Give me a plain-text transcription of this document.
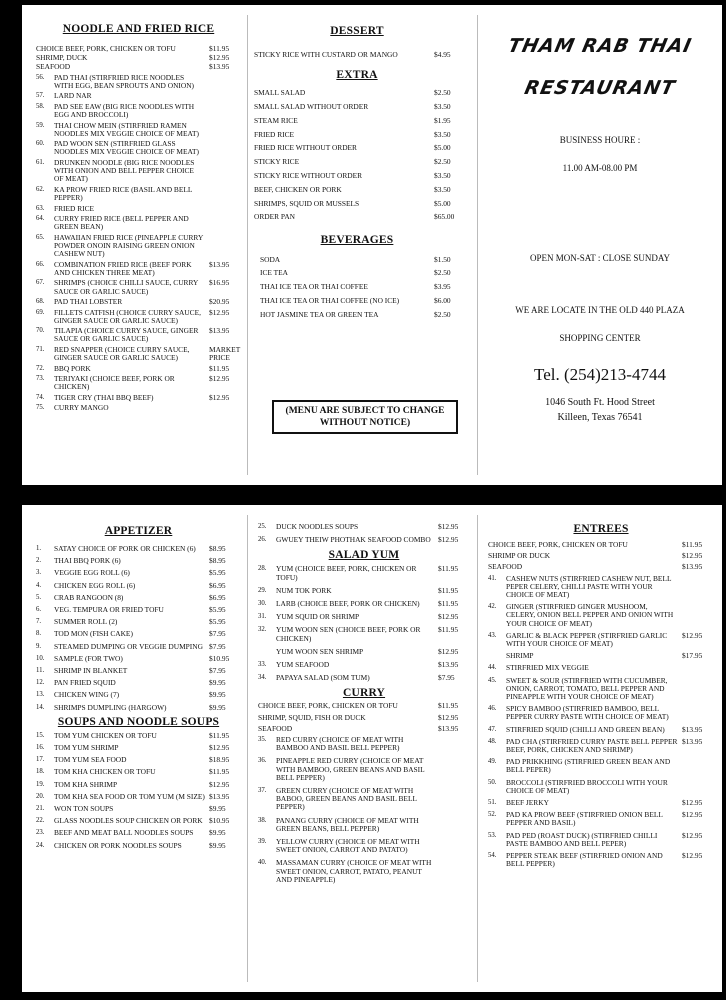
NOODLE AND FRIED RICE
CHOICE BEEF, PORK, CHICKEN OR TOFU	$11.95
SHRIMP, DUCK	$12.95
SEAFOOD	$13.95
56.	PAD THAI (STIRFRIED RICE NOODLES WITH EGG, BEAN SPROUTS AND ONION)
57.	LARD NAR
58.	PAD SEE EAW (BIG RICE NOODLES WITH EGG AND BROCCOLI)
59.	THAI CHOW MEIN (STIRFRIED RAMEN NOODLES MIX VEGGIE CHOICE OF MEAT)
60.	PAD WOON SEN (STIRFRIED GLASS NOODLES MIX VEGGIE CHOICE OF MEAT)
61.	DRUNKEN NOODLE (BIG RICE NOODLES WITH ONION AND BELL PEPPER CHOICE OF MEAT)
62.	KA PROW FRIED RICE (BASIL AND BELL PEPPER)
63.	FRIED RICE
64.	CURRY FRIED RICE (BELL PEPPER AND GREEN BEAN)
65.	HAWAIIAN FRIED RICE (PINEAPPLE CURRY POWDER ONOIN RAISING GREEN ONION CASHEW NUT)
66.	COMBINATION FRIED RICE (BEEF PORK AND CHICKEN THREE MEAT)
$13.95
67.	SHRIMPS (CHOICE CHILLI SAUCE, CURRY SAUCE OR GARLIC SAUCE)
$16.95
68.	PAD THAI LOBSTER	$20.95
69.	FILLETS CATFISH (CHOICE CURRY SAUCE, GINGER SAUCE OR GARLIC SAUCE)
$12.95
70.	TILAPIA (CHOICE CURRY SAUCE, GINGER SAUCE OR GARLIC SAUCE)
$13.95
71.	RED SNAPPER (CHOICE CURRY SAUCE, GINGER SAUCE OR GARLIC SAUCE)
MARKET PRICE
72.	BBQ PORK	$11.95
73.	TERIYAKI (CHOICE BEEF, PORK OR CHICKEN)
$12.95
74.	TIGER CRY (THAI BBQ BEEF)	$12.95
75.	CURRY MANGO
DESSERT
STICKY RICE WITH CUSTARD OR MANGO	$4.95
EXTRA
SMALL SALAD	$2.50
SMALL SALAD WITHOUT ORDER	$3.50
STEAM RICE	$1.95
FRIED RICE	$3.50
FRIED RICE WITHOUT ORDER	$5.00
STICKY RICE	$2.50
STICKY RICE WITHOUT ORDER	$3.50
BEEF, CHICKEN OR PORK	$3.50
SHRIMPS, SQUID OR MUSSELS	$5.00
ORDER PAN	$65.00
BEVERAGES
SODA	$1.50
ICE TEA	$2.50
THAI ICE TEA OR THAI COFFEE	$3.95
THAI ICE TEA OR THAI COFFEE (NO ICE)	$6.00
HOT JASMINE TEA OR GREEN TEA	$2.50
(MENU ARE SUBJECT TO CHANGE WITHOUT NOTICE)
THAM RAB THAI
RESTAURANT
BUSINESS HOURE :
11.00 AM-08.00 PM
OPEN MON-SAT : CLOSE SUNDAY
WE ARE LOCATE IN THE OLD 440 PLAZA
SHOPPING CENTER
Tel. (254)213-4744
1046 South Ft. Hood Street
Killeen, Texas 76541
APPETIZER
1.	SATAY CHOICE OF PORK OR CHICKEN (6)	$8.95
2.	THAI BBQ PORK (6)	$8.95
3.	VEGGIE EGG ROLL (6)	$5.95
4.	CHICKEN EGG ROLL (6)	$6.95
5.	CRAB RANGOON (8)	$6.95
6.	VEG. TEMPURA OR FRIED TOFU	$5.95
7.	SUMMER ROLL (2)	$5.95
8.	TOD MON (FISH CAKE)	$7.95
9.	STEAMED DUMPING OR VEGGIE DUMPING $7.95
10.	SAMPLE (FOR TWO)	$10.95
11.	SHRIMP IN BLANKET	$7.95
12.	PAN FRIED SQUID	$9.95
13.	CHICKEN WING (7)	$9.95
14.	SHRIMPS DUMPLING (HARGOW)	$9.95
SOUPS AND NOODLE SOUPS
15.	TOM YUM CHICKEN OR TOFU	$11.95
16.	TOM YUM SHRIMP	$12.95
17.	TOM YUM SEA FOOD	$18.95
18.	TOM KHA CHICKEN OR TOFU	$11.95
19.	TOM KHA SHRIMP	$12.95
20.	TOM KHA SEA FOOD OR TOM YUM (M SIZE) $13.95
21.	WON TON SOUPS	$9.95
22.	GLASS NOODLES SOUP CHICKEN OR PORK $10.95
23.	BEEF AND MEAT BALL NOODLES SOUPS	$9.95
24.	CHICKEN OR PORK NOODLES SOUPS	$9.95
25.	DUCK NOODLES SOUPS	$12.95
26.	GWUEY THEIW PHOTHAK SEAFOOD COMBO $12.95
SALAD YUM
28.	YUM (CHOICE BEEF, PORK, CHICKEN OR TOFU)
$11.95
29.	NUM TOK PORK	$11.95
30.	LARB (CHOICE BEEF, PORK OR CHICKEN)	$11.95
31.	YUM SQUID OR SHRIMP	$12.95
32.	YUM WOON SEN (CHOICE BEEF, PORK OR CHICKEN)
$11.95
YUM WOON SEN SHRIMP	$12.95
33.	YUM SEAFOOD	$13.95
34.	PAPAYA SALAD (SOM TUM)	$7.95
CURRY
CHOICE BEEF, PORK, CHICKEN OR TOFU	$11.95
SHRIMP, SQUID, FISH OR DUCK	$12.95
SEAFOOD	$13.95
35.	RED CURRY (CHOICE OF MEAT WITH BAMBOO AND BASIL BELL PEPPER)
36.	PINEAPPLE RED CURRY (CHOICE OF MEAT WITH BAMBOO, GREEN BEANS AND BASIL BELL PEPPER)
37.	GREEN CURRY (CHOICE OF MEAT WITH BABOO, GREEN BEANS AND BASIL BELL PEPPER)
38.	PANANG CURRY (CHOICE OF MEAT WITH GREEN BEANS, BELL PEPPER)
39.	YELLOW CURRY (CHOICE OF MEAT WITH SWEET ONION, CARROT AND PATATO)
40.	MASSAMAN CURRY (CHOICE OF MEAT WITH SWEET ONION, CARROT, PATATO, PEANUT AND PINEAPPLE)
ENTREES
CHOICE BEEF, PORK, CHICKEN OR TOFU	$11.95
SHRIMP OR DUCK	$12.95
SEAFOOD	$13.95
41.	CASHEW NUTS (STIRFRIED CASHEW NUT, BELL PEPER CELERY, CHILLI PASTE WITH YOUR CHOICE OF MEAT)
42.	GINGER (STIRFRIED GINGER MUSHOOM, CELERY, ONION BELL PEPPER AND ONION WITH YOUR CHOICE OF MEAT)
43.	GARLIC & BLACK PEPPER (STIRFRIED GARLIC WITH YOUR CHOICE OF MEAT)
$12.95
SHRIMP	$17.95
44.	STIRFRIED MIX VEGGIE
45.	SWEET & SOUR (STIRFRIED WITH CUCUMBER, ONION, CARROT, TOMATO, BELL PEPPER AND PINEAPPLE WITH YOUR CHOICE OF MEAT)
46.	SPICY BAMBOO (STIRFRIED BAMBOO, BELL PEPPER CURRY PASTE WITH CHOICE OF MEAT)
47.	STIRFRIED SQUID (CHILLI AND GREEN BEAN)	$13.95
48.	PAD CHA (STIRFRIED CURRY PASTE BELL PEPPER BEEF, PORK, CHICKEN AND SHRIMP)
$13.95
49.	PAD PRIKKHING (STIRFRIED GREEN BEAN AND BELL PEPER)
50.	BROCCOLI (STIRFRIED BROCCOLI WITH YOUR CHOICE OF MEAT)
51.	BEEF JERKY	$12.95
52.	PAD KA PROW BEEF (STIRFRIED ONION BELL PEPPER AND BASIL)
$12.95
53.	PAD PED (ROAST DUCK) (STIRFRIED CHILLI PASTE BAMBOO AND BELL PEPER)
$12.95
54.	PEPPER STEAK BEEF (STIRFRIED ONION AND BELL PEPPER)
$12.95
